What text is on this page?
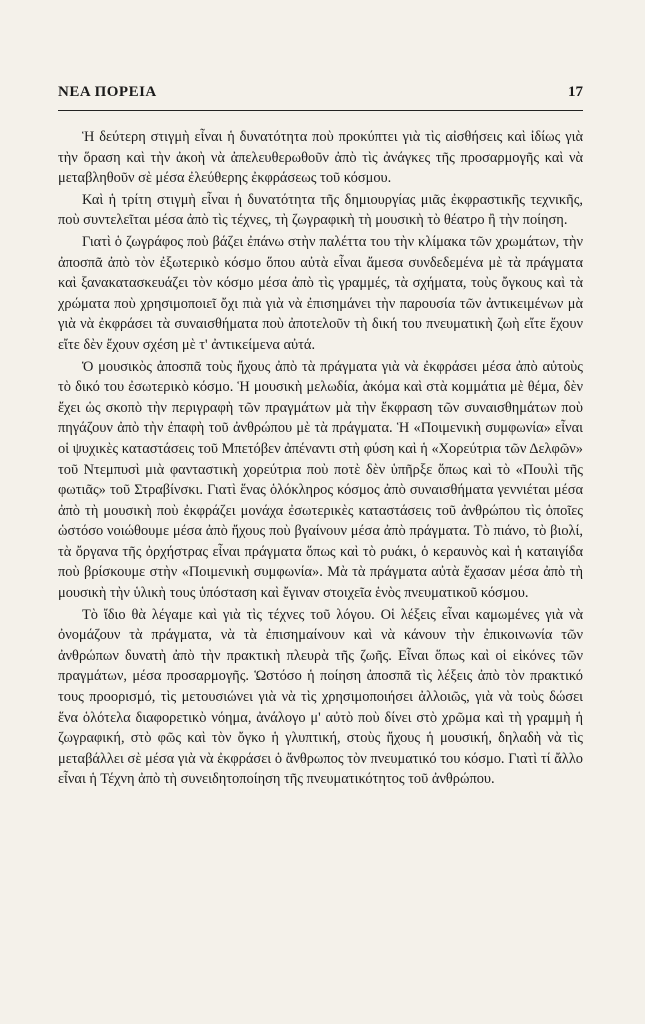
ΝΕΑ ΠΟΡΕΙΑ	17

Ἡ δεύτερη στιγμὴ εἶναι ἡ δυνατότητα ποὺ προκύπτει γιὰ τὶς αἰσθήσεις καὶ ἰδίως γιὰ τὴν ὅραση καὶ τὴν ἀκοὴ νὰ ἀπελευθερωθοῦν ἀπὸ τὶς ἀνάγκες τῆς προσαρμογῆς καὶ νὰ μεταβληθοῦν σὲ μέσα ἐλεύθερης ἐκφράσεως τοῦ κόσμου.

Καὶ ἡ τρίτη στιγμὴ εἶναι ἡ δυνατότητα τῆς δημιουργίας μιᾶς ἐκφραστικῆς τεχνικῆς, ποὺ συντελεῖται μέσα ἀπὸ τὶς τέχνες, τὴ ζωγραφικὴ τὴ μουσικὴ τὸ θέατρο ἢ τὴν ποίηση.

Γιατὶ ὁ ζωγράφος ποὺ βάζει ἐπάνω στὴν παλέττα του τὴν κλίμακα τῶν χρωμάτων, τὴν ἀποσπᾶ ἀπὸ τὸν ἐξωτερικὸ κόσμο ὅπου αὐτὰ εἶναι ἄμεσα συνδεδεμένα μὲ τὰ πράγματα καὶ ξανακατασκευάζει τὸν κόσμο μέσα ἀπὸ τὶς γραμμές, τὰ σχήματα, τοὺς ὄγκους καὶ τὰ χρώματα ποὺ χρησιμοποιεῖ ὄχι πιὰ γιὰ νὰ ἐπισημάνει τὴν παρουσία τῶν ἀντικειμένων μὰ γιὰ νὰ ἐκφράσει τὰ συναισθήματα ποὺ ἀποτελοῦν τὴ δική του πνευματικὴ ζωὴ εἴτε ἔχουν εἴτε δὲν ἔχουν σχέση μὲ τ' ἀντικείμενα αὐτά.

Ὁ μουσικὸς ἀποσπᾶ τοὺς ἤχους ἀπὸ τὰ πράγματα γιὰ νὰ ἐκφράσει μέσα ἀπὸ αὐτοὺς τὸ δικό του ἐσωτερικὸ κόσμο. Ἡ μουσικὴ μελωδία, ἀκόμα καὶ στὰ κομμάτια μὲ θέμα, δὲν ἔχει ὡς σκοπὸ τὴν περιγραφὴ τῶν πραγμάτων μὰ τὴν ἔκφραση τῶν συναισθημάτων ποὺ πηγάζουν ἀπὸ τὴν ἐπαφὴ τοῦ ἀνθρώπου μὲ τὰ πράγματα. Ἡ «Ποιμενικὴ συμφωνία» εἶναι οἱ ψυχικὲς καταστάσεις τοῦ Μπετόβεν ἀπέναντι στὴ φύση καὶ ἡ «Χορεύτρια τῶν Δελφῶν» τοῦ Ντεμπυσὶ μιὰ φανταστικὴ χορεύτρια ποὺ ποτὲ δὲν ὑπῆρξε ὅπως καὶ τὸ «Πουλὶ τῆς φωτιᾶς» τοῦ Στραβίνσκι. Γιατὶ ἕνας ὁλόκληρος κόσμος ἀπὸ συναισθήματα γεννιέται μέσα ἀπὸ τὴ μουσικὴ ποὺ ἐκφράζει μονάχα ἐσωτερικὲς καταστάσεις τοῦ ἀνθρώπου τὶς ὁποῖες ὡστόσο νοιώθουμε μέσα ἀπὸ ἤχους ποὺ βγαίνουν μέσα ἀπὸ πράγματα. Τὸ πιάνο, τὸ βιολί, τὰ ὄργανα τῆς ὀρχήστρας εἶναι πράγματα ὅπως καὶ τὸ ρυάκι, ὁ κεραυνὸς καὶ ἡ καταιγίδα ποὺ βρίσκουμε στὴν «Ποιμενικὴ συμφωνία». Μὰ τὰ πράγματα αὐτὰ ἔχασαν μέσα ἀπὸ τὴ μουσικὴ τὴν ὑλικὴ τους ὑπόσταση καὶ ἔγιναν στοιχεῖα ἑνὸς πνευματικοῦ κόσμου.

Τὸ ἴδιο θὰ λέγαμε καὶ γιὰ τὶς τέχνες τοῦ λόγου. Οἱ λέξεις εἶναι καμωμένες γιὰ νὰ ὀνομάζουν τὰ πράγματα, νὰ τὰ ἐπισημαίνουν καὶ νὰ κάνουν τὴν ἐπικοινωνία τῶν ἀνθρώπων δυνατὴ ἀπὸ τὴν πρακτικὴ πλευρὰ τῆς ζωῆς. Εἶναι ὅπως καὶ οἱ εἰκόνες τῶν πραγμάτων, μέσα προσαρμογῆς. Ὡστόσο ἡ ποίηση ἀποσπᾶ τὶς λέξεις ἀπὸ τὸν πρακτικό τους προορισμό, τὶς μετουσιώνει γιὰ νὰ τὶς χρησιμοποιήσει ἀλλοιῶς, γιὰ νὰ τοὺς δώσει ἕνα ὁλότελα διαφορετικὸ νόημα, ἀνάλογο μ' αὐτὸ ποὺ δίνει στὸ χρῶμα καὶ τὴ γραμμὴ ἡ ζωγραφική, στὸ φῶς καὶ τὸν ὄγκο ἡ γλυπτική, στοὺς ἤχους ἡ μουσική, δηλαδὴ νὰ τὶς μεταβάλλει σὲ μέσα γιὰ νὰ ἐκφράσει ὁ ἄνθρωπος τὸν πνευματικό του κόσμο. Γιατὶ τί ἄλλο εἶναι ἡ Τέχνη ἀπὸ τὴ συνειδητοποίηση τῆς πνευματικότητος τοῦ ἀνθρώπου.
